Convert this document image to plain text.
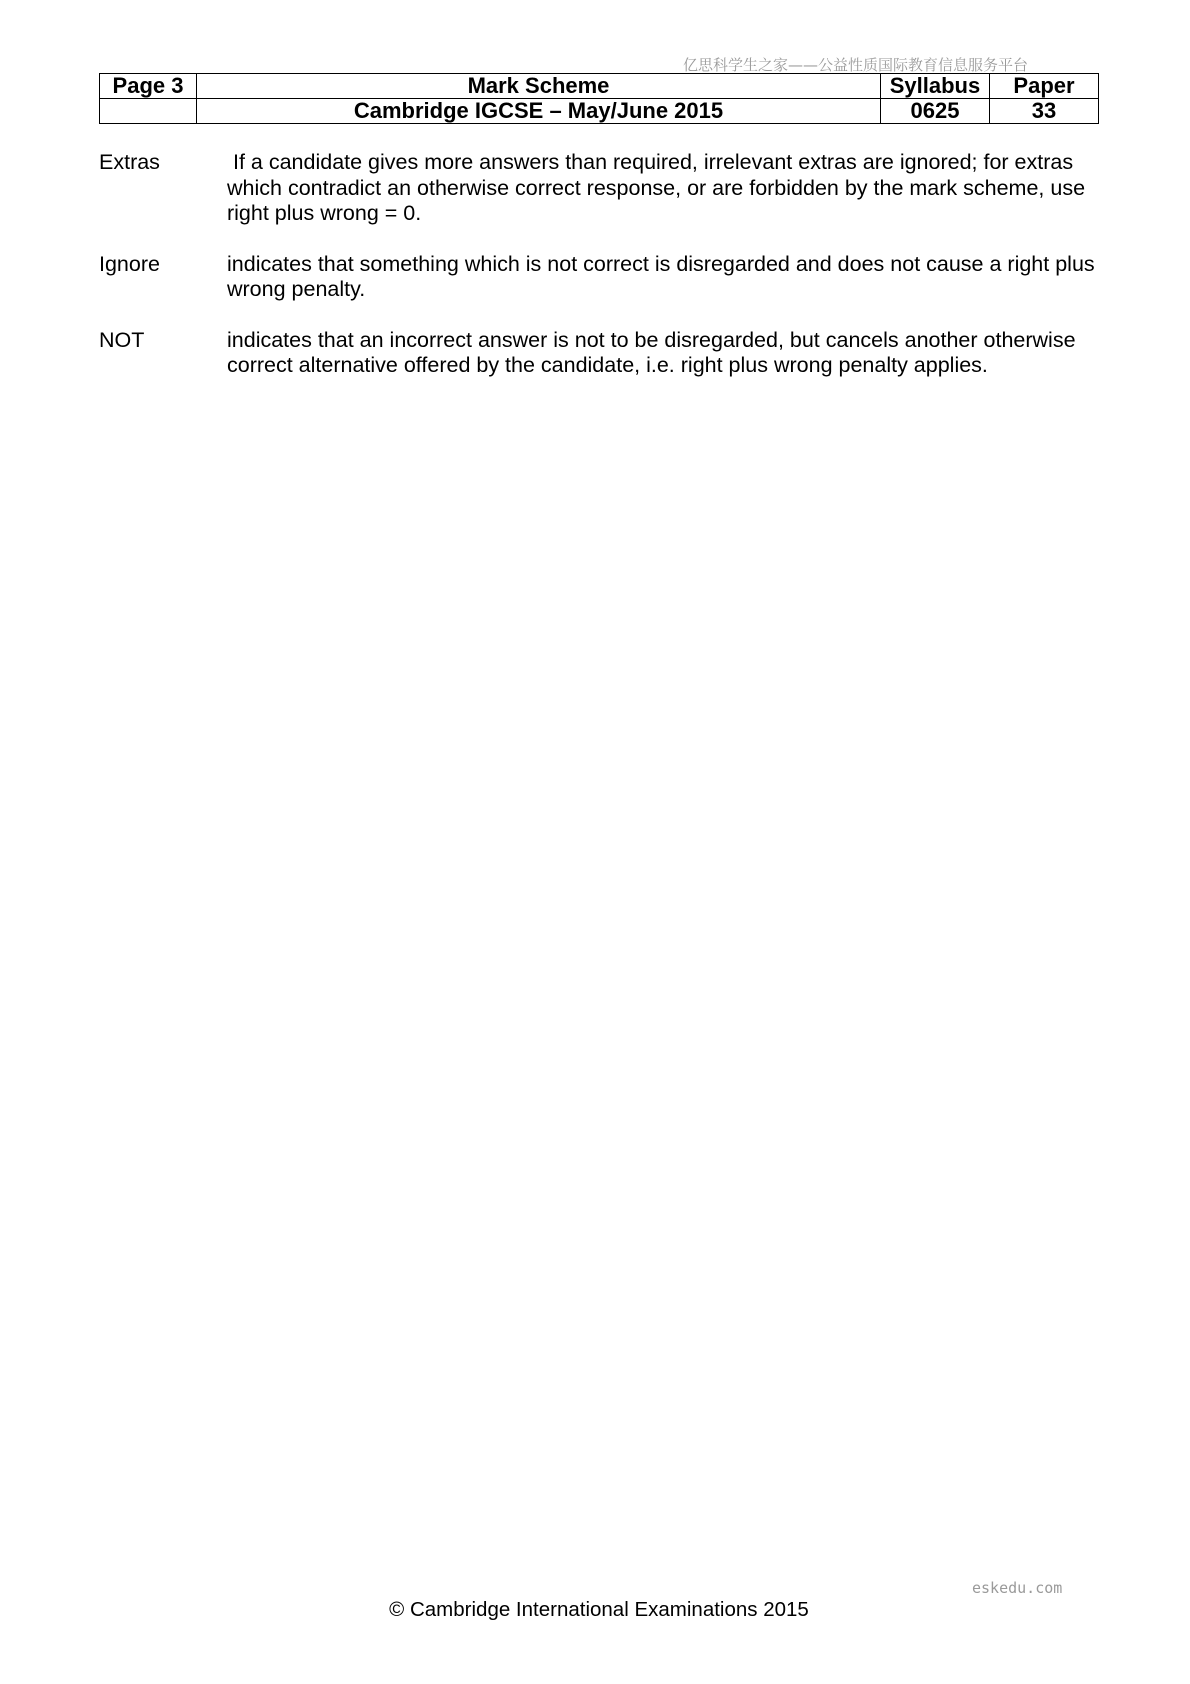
亿思科学生之家——公益性质国际教育信息服务平台
Page 3	Mark Scheme	Syllabus	Paper
	Cambridge IGCSE – May/June 2015	0625	33
Extras	If a candidate gives more answers than required, irrelevant extras are ignored; for extras which contradict an otherwise correct response, or are forbidden by the mark scheme, use right plus wrong = 0.
Ignore	indicates that something which is not correct is disregarded and does not cause a right plus wrong penalty.
NOT	indicates that an incorrect answer is not to be disregarded, but cancels another otherwise correct alternative offered by the candidate, i.e. right plus wrong penalty applies.
eskedu.com
© Cambridge International Examinations 2015
